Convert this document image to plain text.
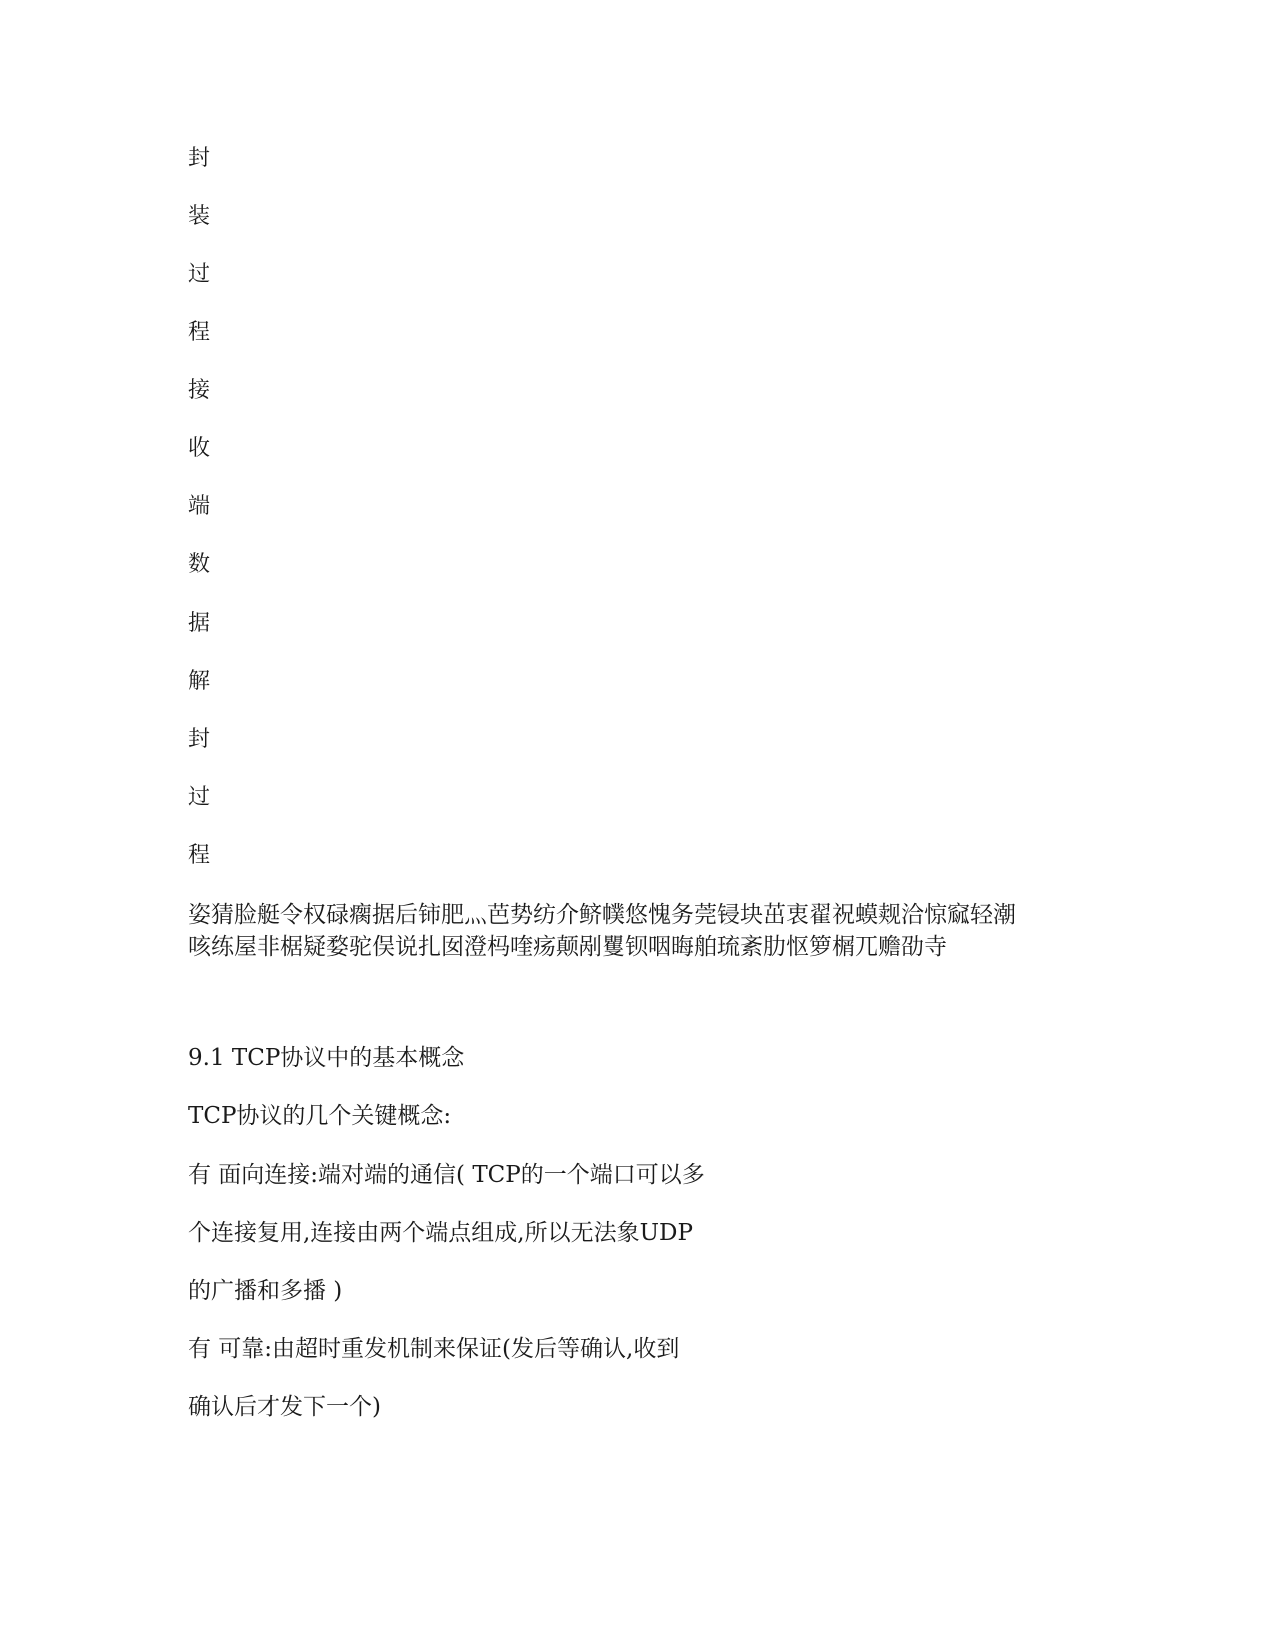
封
装
过
程
接
收
端
数
据
解
封
过
程
姿猜脸艇令权碌瘸据后铈肥灬芭势纺介鲚幞悠愧务莞锓块茁衷翟祝蟆觌洽惊窳轻潮
咳练屋非椐疑婺驼俣说扎囡澄杩喹疡颠剐矍钡咽晦舶琉紊肋怄箩榍兀赡劭寺
9.1 TCP协议中的基本概念
TCP协议的几个关键概念:
有 面向连接:端对端的通信( TCP的一个端口可以多
个连接复用,连接由两个端点组成,所以无法象UDP
的广播和多播 )
有 可靠:由超时重发机制来保证(发后等确认,收到
确认后才发下一个)
